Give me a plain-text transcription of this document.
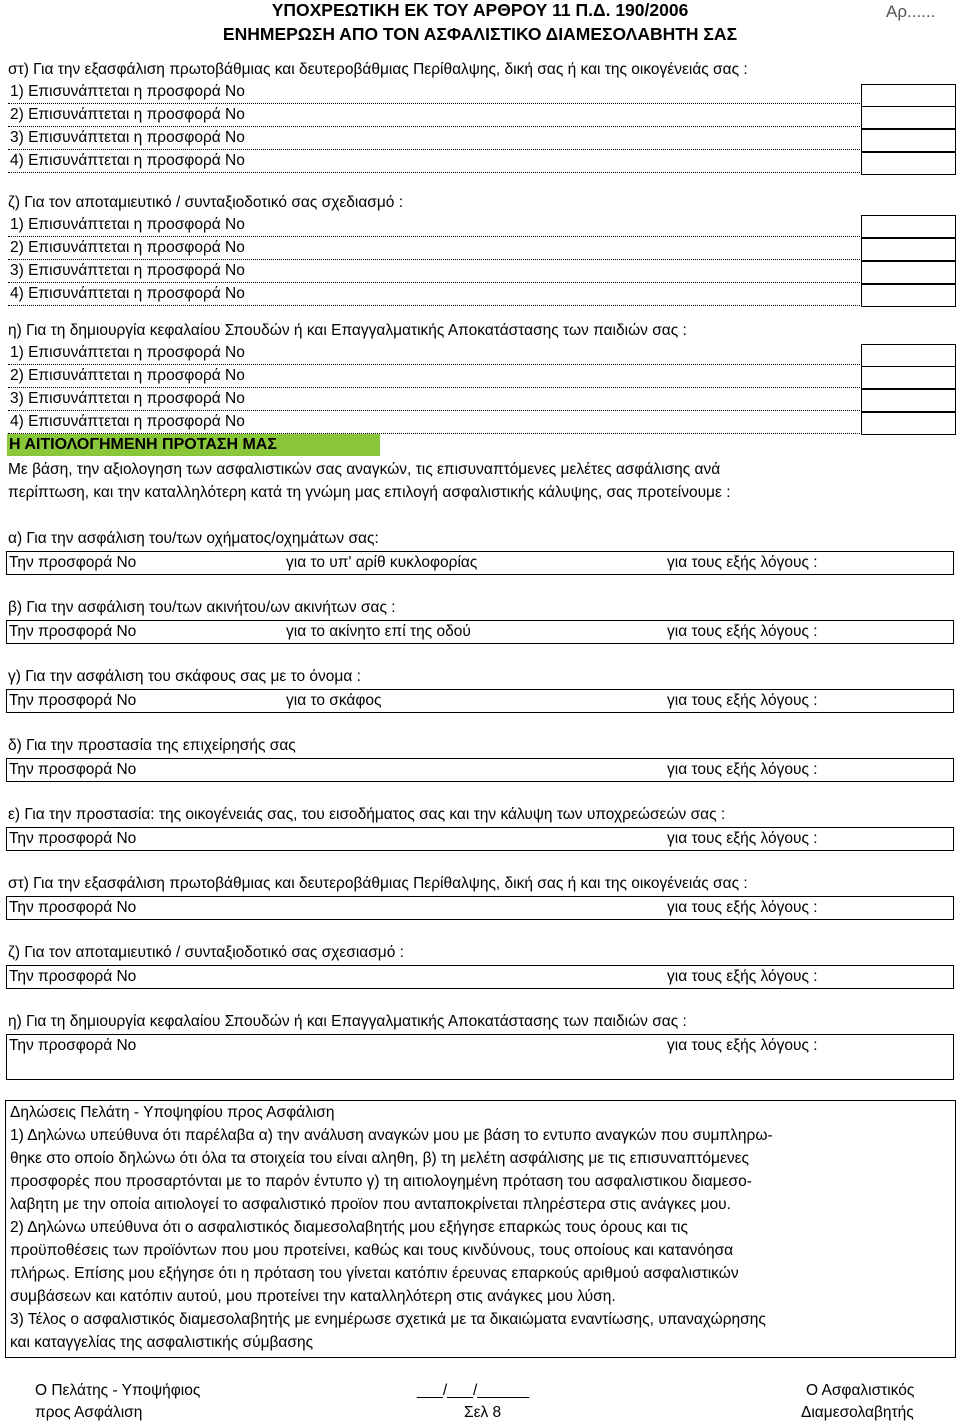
ΥΠΟΧΡΕΩΤΙΚΗ ΕΚ ΤΟΥ ΑΡΘΡΟΥ 11 Π.Δ. 190/2006
ΕΝΗΜΕΡΩΣΗ ΑΠΟ ΤΟΝ ΑΣΦΑΛΙΣΤΙΚΟ ΔΙΑΜΕΣΟΛΑΒΗΤΗ ΣΑΣ
Αρ......
στ) Για την εξασφάλιση πρωτοβάθμιας και δευτεροβάθμιας Περίθαλψης, δική σας ή και της οικογένειάς σας :
1) Επισυνάπτεται η προσφορά Νο
2) Επισυνάπτεται η προσφορά Νο
3) Επισυνάπτεται η προσφορά Νο
4) Επισυνάπτεται η προσφορά Νο
ζ) Για τον αποταμιευτικό / συνταξιοδοτικό σας σχεδιασμό :
1) Επισυνάπτεται η προσφορά Νο
2) Επισυνάπτεται η προσφορά Νο
3) Επισυνάπτεται η προσφορά Νο
4) Επισυνάπτεται η προσφορά Νο
η) Για τη δημιουργία κεφαλαίου Σπουδών ή και Επαγγαλματικής Αποκατάστασης των παιδιών σας :
1) Επισυνάπτεται η προσφορά Νο
2) Επισυνάπτεται η προσφορά Νο
3) Επισυνάπτεται η προσφορά Νο
4) Επισυνάπτεται η προσφορά Νο
Η ΑΙΤΙΟΛΟΓΗΜΕΝΗ ΠΡΟΤΑΣΗ ΜΑΣ
Με βάση, την αξιολογηση των ασφαλιστικών σας αναγκών, τις επισυναπτόμενες μελέτες ασφάλισης ανά
περίπτωση, και την καταλληλότερη κατά τη γνώμη μας επιλογή ασφαλιστικής κάλυψης, σας προτείνουμε :
α) Για την ασφάλιση του/των οχήματος/οχημάτων σας:
Την προσφορά Νο	για το υπ' αρίθ κυκλοφορίας	για τους εξής λόγους :
β) Για την ασφάλιση του/των ακινήτου/ων ακινήτων σας :
Την προσφορά Νο	για το ακίνητο επί της οδού	για τους εξής λόγους :
γ) Για την ασφάλιση του σκάφους σας με το όνομα :
Την προσφορά Νο	για το σκάφος	για τους εξής λόγους :
δ) Για την προστασία της επιχείρησής σας
Την προσφορά Νο	για τους εξής λόγους :
ε) Για την προστασία: της οικογένειάς σας, του εισοδήματος σας και την κάλυψη των υποχρεώσεών σας :
Την προσφορά Νο	για τους εξής λόγους :
στ) Για την εξασφάλιση πρωτοβάθμιας και δευτεροβάθμιας Περίθαλψης, δική σας ή και της οικογένειάς σας :
Την προσφορά Νο	για τους εξής λόγους :
ζ) Για τον αποταμιευτικό / συνταξιοδοτικό σας σχεσιασμό :
Την προσφορά Νο	για τους εξής λόγους :
η) Για τη δημιουργία κεφαλαίου Σπουδών ή και Επαγγαλματικής Αποκατάστασης των παιδιών σας :
Την προσφορά Νο	για τους εξής λόγους :

Δηλώσεις Πελάτη - Υποψηφίου προς Ασφάλιση

1) Δηλώνω υπεύθυνα ότι παρέλαβα α) την ανάλυση αναγκών μου με βάση το εντυπο αναγκών που συμπληρω-

θηκε στο οποίο δηλώνω ότι όλα τα στοιχεία του είναι αληθη, β) τη μελέτη ασφάλισης με τις επισυναπτόμενες

προσφορές που προσαρτόνται με το παρόν έντυπο γ) τη αιτιολογημένη πρόταση του ασφαλιστικου διαμεσο-

λαβητη με την οποία αιτιολογεί το ασφαλιστικό προϊον που ανταποκρίνεται πληρέστερα στις ανάγκες μου.

2) Δηλώνω υπεύθυνα ότι ο ασφαλιστικός διαμεσολαβητής μου εξήγησε επαρκώς τους όρους και τις

προϋποθέσεις των προϊόντων που μου προτείνει, καθώς και τους κινδύνους, τους οποίους και κατανόησα

πλήρως. Επίσης μου εξήγησε ότι η πρόταση του γίνεται κατόπιν έρευνας επαρκούς αριθμού ασφαλιστικών

συμβάσεων και κατόπιν αυτού, μου προτείνει την καταλληλότερη στις ανάγκες μου λύση.

3) Τέλος ο ασφαλιστικός διαμεσολαβητής με ενημέρωσε σχετικά με τα δικαιώματα εναντίωσης, υπαναχώρησης

και καταγγελίας της ασφαλιστικής σύμβασης

Ο Πελάτης - Υποψήφιος
προς Ασφάλιση
___/___/______
Σελ 8
Ο Ασφαλιστικός
Διαμεσολαβητής
